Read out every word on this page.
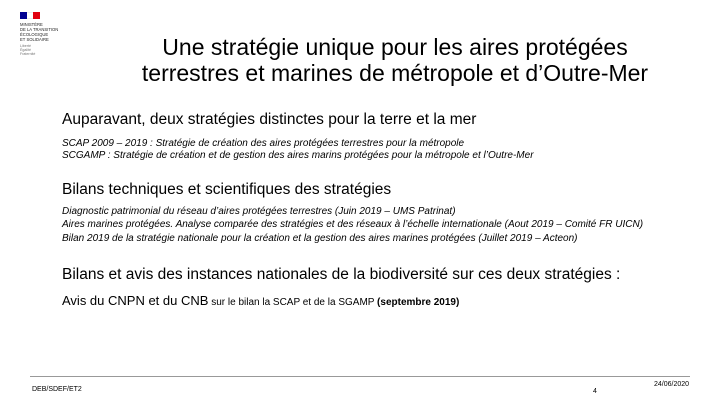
MINISTÈRE
DE LA TRANSITION
ÉCOLOGIQUE
ET SOLIDAIRE
Liberté
Égalité
Fraternité	Une stratégie unique pour les aires protégées
terrestres et marines de métropole et d’Outre-Mer
Auparavant, deux stratégies distinctes pour la terre et la mer
SCAP 2009 – 2019 : Stratégie de création des aires protégées terrestres pour la métropole
SCGAMP : Stratégie de création et de gestion des aires marins protégées pour la métropole et l’Outre-Mer
Bilans techniques et scientifiques des stratégies
Diagnostic patrimonial du réseau d’aires protégées terrestres (Juin 2019 – UMS Patrinat)
Aires marines protégées. Analyse comparée des stratégies et des réseaux à l’échelle internationale (Aout 2019 – Comité FR UICN)
Bilan 2019 de la stratégie nationale pour la création et la gestion des aires marines protégées (Juillet 2019 – Acteon)
Bilans et avis des instances nationales de la biodiversité sur ces deux stratégies :
Avis du CNPN et du CNB sur le bilan la SCAP et de la SGAMP (septembre 2019)
DEB/SDEF/ET2	4
24/06/2020
